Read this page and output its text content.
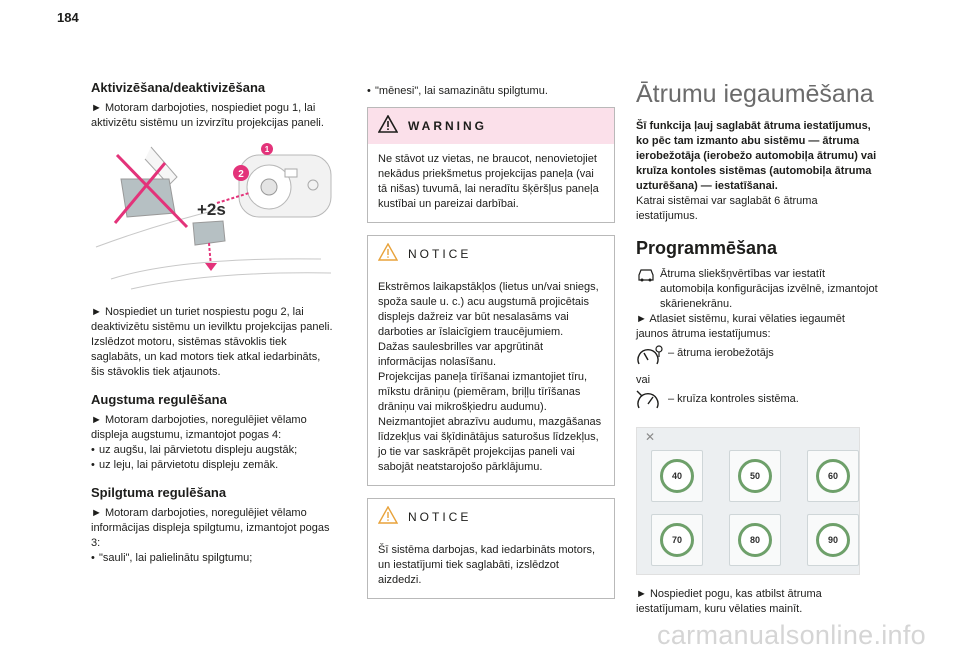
184
Aktivizēšana/deaktivizēšana
► Motoram darbojoties, nospiediet pogu 1, lai aktivizētu sistēmu un izvirzītu projekcijas paneli.
2
1
+2s
► Nospiediet un turiet nospiestu pogu 2, lai deaktivizētu sistēmu un ievilktu projekcijas paneli.
Izslēdzot motoru, sistēmas stāvoklis tiek saglabāts, un kad motors tiek atkal iedarbināts, šis stāvoklis tiek atjaunots.
Augstuma regulēšana
► Motoram darbojoties, noregulējiet vēlamo displeja augstumu, izmantojot pogas 4:
• uz augšu, lai pārvietotu displeju augstāk;
• uz leju, lai pārvietotu displeju zemāk.
Spilgtuma regulēšana
► Motoram darbojoties, noregulējiet vēlamo informācijas displeja spilgtumu, izmantojot pogas 3:
• "sauli", lai palielinātu spilgtumu;
• "mēnesi", lai samazinātu spilgtumu.
WARNING
Ne stāvot uz vietas, ne braucot, nenovietojiet nekādus priekšmetus projekcijas paneļa (vai tā nišas) tuvumā, lai neradītu šķēršļus paneļa kustībai un pareizai darbībai.
NOTICE
Ekstrēmos laikapstākļos (lietus un/vai sniegs, spoža saule u. c.) acu augstumā projicētais displejs dažreiz var būt nesalasāms vai darboties ar īslaicīgiem traucējumiem.
Dažas saulesbrilles var apgrūtināt informācijas nolasīšanu.
Projekcijas paneļa tīrīšanai izmantojiet tīru, mīkstu drāniņu (piemēram, briļļu tīrīšanas drāniņu vai mikrošķiedru audumu). Neizmantojiet abrazīvu audumu, mazgāšanas līdzekļus vai šķīdinātājus saturošus līdzekļus, jo tie var saskrāpēt projekcijas paneli vai sabojāt neatstarojošo pārklājumu.
NOTICE
Šī sistēma darbojas, kad iedarbināts motors, un iestatījumi tiek saglabāti, izslēdzot aizdedzi.
Ātrumu iegaumēšana
Šī funkcija ļauj saglabāt ātruma iestatījumus, ko pēc tam izmanto abu sistēmu — ātruma ierobežotāja (ierobežo automobiļa ātrumu) vai kruīza kontoles sistēmas (automobiļa ātruma uzturēšana) — iestatīšanai.
Katrai sistēmai var saglabāt 6 ātruma iestatījumus.
Programmēšana
Ātruma sliekšņvērtības var iestatīt automobiļa konfigurācijas izvēlnē, izmantojot skārienekrānu.
► Atlasiet sistēmu, kurai vēlaties iegaumēt jaunos ātruma iestatījumus:
– ātruma ierobežotājs
vai
– kruīza kontroles sistēma.
✕
40	50	60
70	80	90
► Nospiediet pogu, kas atbilst ātruma iestatījumam, kuru vēlaties mainīt.
carmanualsonline.info
